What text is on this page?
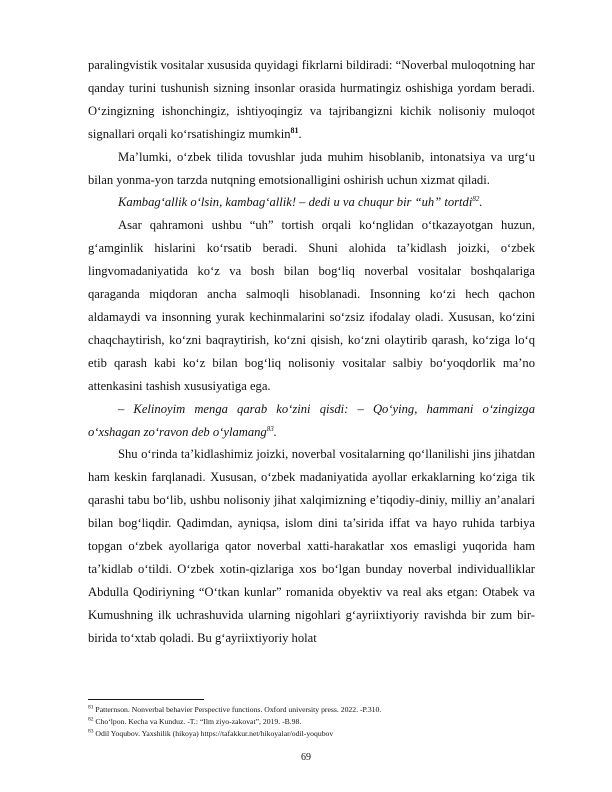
paralingvistik vositalar xususida quyidagi fikrlarni bildiradi: “Noverbal muloqotning har qanday turini tushunish sizning insonlar orasida hurmatingiz oshishiga yordam beradi. O‘zingizning ishonchingiz, ishtiyoqingiz va tajribangizni kichik nolisoniy muloqot signallari orqali ko‘rsatishingiz mumkin$^{81}$.

Ma’lumki, o‘zbek tilida tovushlar juda muhim hisoblanib, intonatsiya va urg‘u bilan yonma-yon tarzda nutqning emotsionalligini oshirish uchun xizmat qiladi.

Kambag‘allik o‘lsin, kambag‘allik! – dedi u va chuqur bir “uh” tortdi$^{82}$.

Asar qahramoni ushbu “uh” tortish orqali ko‘nglidan o‘tkazayotgan huzun, g‘amginlik hislarini ko‘rsatib beradi. Shuni alohida ta’kidlash joizki, o‘zbek lingvomadaniyatida ko‘z va bosh bilan bog‘liq noverbal vositalar boshqalariga qaraganda miqdoran ancha salmoqli hisoblanadi. Insonning ko‘zi hech qachon aldamaydi va insonning yurak kechinmalarini so‘zsiz ifodalay oladi. Xususan, ko‘zini chaqchaytirish, ko‘zni baqraytirish, ko‘zni qisish, ko‘zni olaytirib qarash, ko‘ziga lo‘q etib qarash kabi ko‘z bilan bog‘liq nolisoniy vositalar salbiy bo‘yoqdorlik ma’no attenkasini tashish xususiyatiga ega.

– Kelinoyim menga qarab ko‘zini qisdi: – Qo‘ying, hammani o‘zingizga o‘xshagan zo‘ravon deb o‘ylamang$^{83}$.

Shu o‘rinda ta’kidlashimiz joizki, noverbal vositalarning qo‘llanilishi jins jihatdan ham keskin farqlanadi. Xususan, o‘zbek madaniyatida ayollar erkaklarning ko‘ziga tik qarashi tabu bo‘lib, ushbu nolisoniy jihat xalqimizning e’tiqodiy-diniy, milliy an’analari bilan bog‘liqdir. Qadimdan, ayniqsa, islom dini ta’sirida iffat va hayo ruhida tarbiya topgan o‘zbek ayollariga qator noverbal xatti-harakatlar xos emasligi yuqorida ham ta’kidlab o‘tildi. O‘zbek xotin-qizlariga xos bo‘lgan bunday noverbal individualliklar Abdulla Qodiriyning “O‘tkan kunlar” romanida obyektiv va real aks etgan: Otabek va Kumushning ilk uchrashuvida ularning nigohlari g‘ayriixtiyoriy ravishda bir zum bir-birida to‘xtab qoladi. Bu g‘ayriixtiyoriy holat

$^{81}$ Patternson. Nonverbal behavier Perspective functions. Oxford university press. 2022. -P.310.

$^{82}$ Cho‘lpon. Kecha va Kunduz. -T.: “Ilm ziyo-zakovat”, 2019. -B.98.

$^{83}$ Odil Yoqubov. Yaxshilik (hikoya) https://tafakkur.net/hikoyalar/odil-yoqubov

69
